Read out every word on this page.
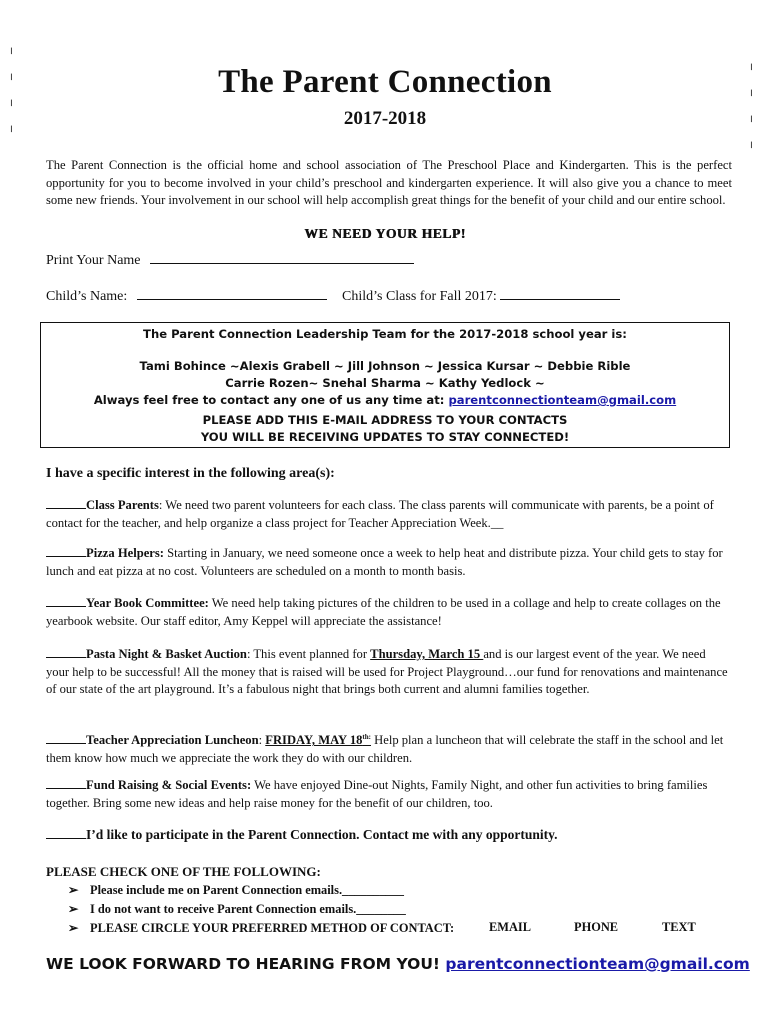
╵
╵
╵
╵
╵
╵
╵
╵
The Parent Connection
2017-2018
The Parent Connection is the official home and school association of The Preschool Place and Kindergarten. This is the perfect opportunity for you to become involved in your child’s preschool and kindergarten experience. It will also give you a chance to meet some new friends. Your involvement in our school will help accomplish great things for the benefit of your child and our entire school.
WE NEED YOUR HELP!
Print Your Name
Child’s Name:	Child’s Class for Fall 2017:
The Parent Connection Leadership Team for the 2017-2018 school year is:
Tami Bohince ~Alexis Grabell ~ Jill Johnson ~ Jessica Kursar ~ Debbie Rible
Carrie Rozen~ Snehal Sharma ~ Kathy Yedlock ~
Always feel free to contact any one of us any time at: parentconnectionteam@gmail.com
PLEASE ADD THIS E-MAIL ADDRESS TO YOUR CONTACTS
YOU WILL BE RECEIVING UPDATES TO STAY CONNECTED!
I have a specific interest in the following area(s):
Class Parents: We need two parent volunteers for each class. The class parents will communicate with parents, be a point of contact for the teacher, and help organize a class project for Teacher Appreciation Week.__
Pizza Helpers: Starting in January, we need someone once a week to help heat and distribute pizza. Your child gets to stay for lunch and eat pizza at no cost. Volunteers are scheduled on a month to month basis.
Year Book Committee: We need help taking pictures of the children to be used in a collage and help to create collages on the yearbook website. Our staff editor, Amy Keppel will appreciate the assistance!
Pasta Night & Basket Auction: This event planned for Thursday, March 15 and is our largest event of the year. We need your help to be successful! All the money that is raised will be used for Project Playground…our fund for renovations and maintenance of our state of the art playground. It’s a fabulous night that brings both current and alumni families together.
Teacher Appreciation Luncheon: FRIDAY, MAY $18^{th:}$ Help plan a luncheon that will celebrate the staff in the school and let them know how much we appreciate the work they do with our children.
Fund Raising & Social Events: We have enjoyed Dine-out Nights, Family Night, and other fun activities to bring families together. Bring some new ideas and help raise money for the benefit of our children, too.
I’d like to participate in the Parent Connection. Contact me with any opportunity.
PLEASE CHECK ONE OF THE FOLLOWING:
➢ Please include me on Parent Connection emails.__________
➢ I do not want to receive Parent Connection emails.________
➢ PLEASE CIRCLE YOUR PREFERRED METHOD OF CONTACT:	EMAIL	PHONE	TEXT
WE LOOK FORWARD TO HEARING FROM YOU! parentconnectionteam@gmail.com
